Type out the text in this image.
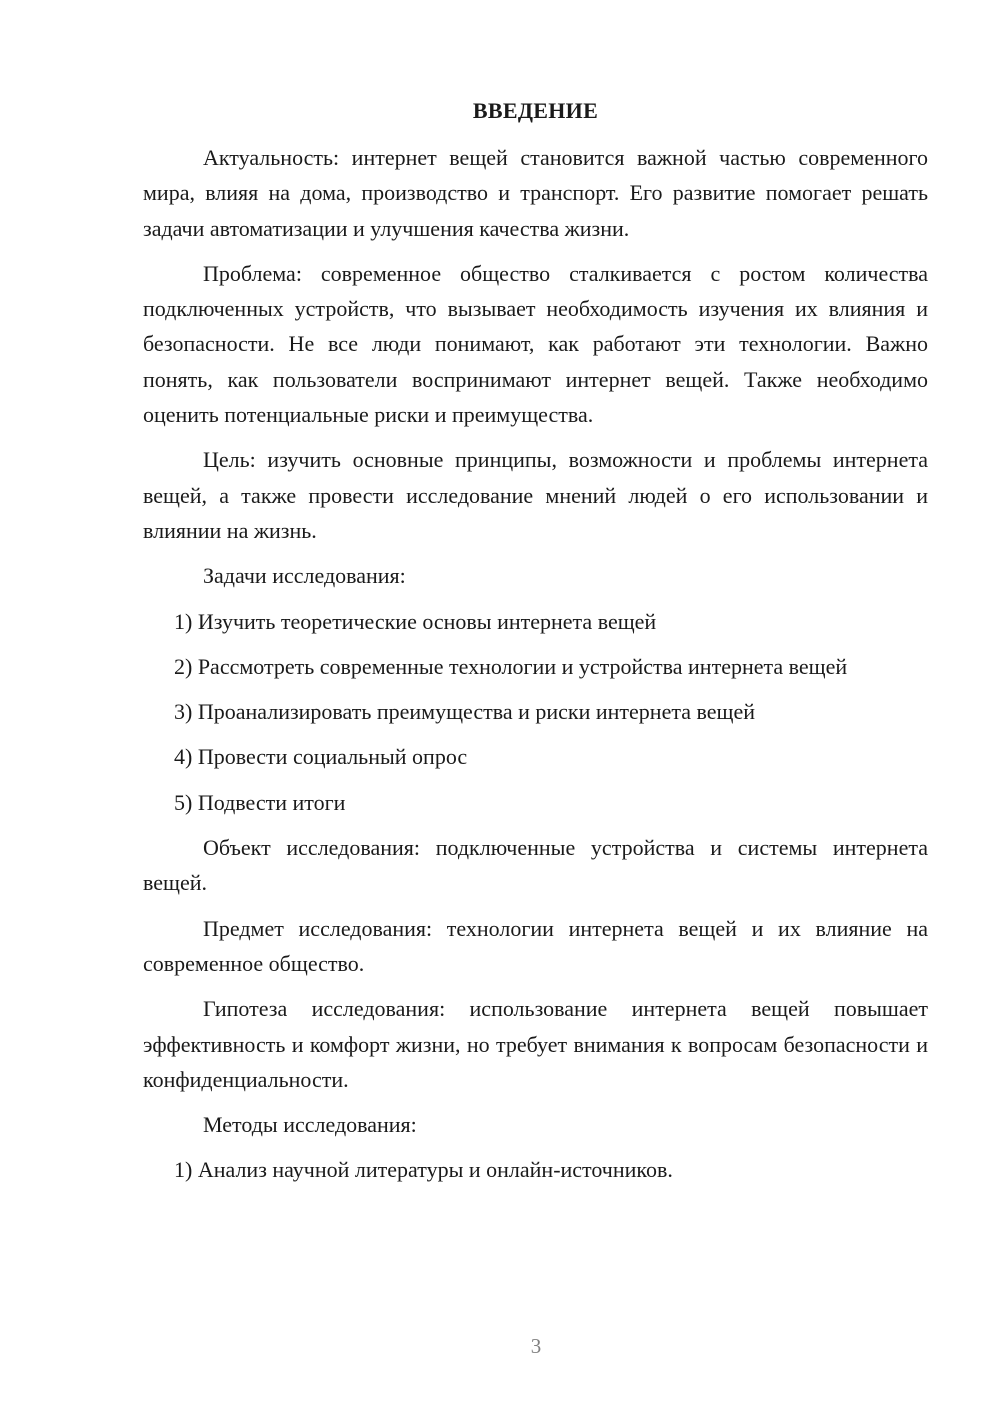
ВВЕДЕНИЕ

Актуальность: интернет вещей становится важной частью современного мира, влияя на дома, производство и транспорт. Его развитие помогает решать задачи автоматизации и улучшения качества жизни.

Проблема: современное общество сталкивается с ростом количества подключенных устройств, что вызывает необходимость изучения их влияния и безопасности. Не все люди понимают, как работают эти технологии. Важно понять, как пользователи воспринимают интернет вещей. Также необходимо оценить потенциальные риски и преимущества.

Цель: изучить основные принципы, возможности и проблемы интернета вещей, а также провести исследование мнений людей о его использовании и влиянии на жизнь.

Задачи исследования:

1) Изучить теоретические основы интернета вещей

2) Рассмотреть современные технологии и устройства интернета вещей

3) Проанализировать преимущества и риски интернета вещей

4) Провести социальный опрос

5) Подвести итоги

Объект исследования: подключенные устройства и системы интернета вещей.

Предмет исследования: технологии интернета вещей и их влияние на современное общество.

Гипотеза исследования: использование интернета вещей повышает эффективность и комфорт жизни, но требует внимания к вопросам безопасности и конфиденциальности.

Методы исследования:

1) Анализ научной литературы и онлайн-источников.

3
